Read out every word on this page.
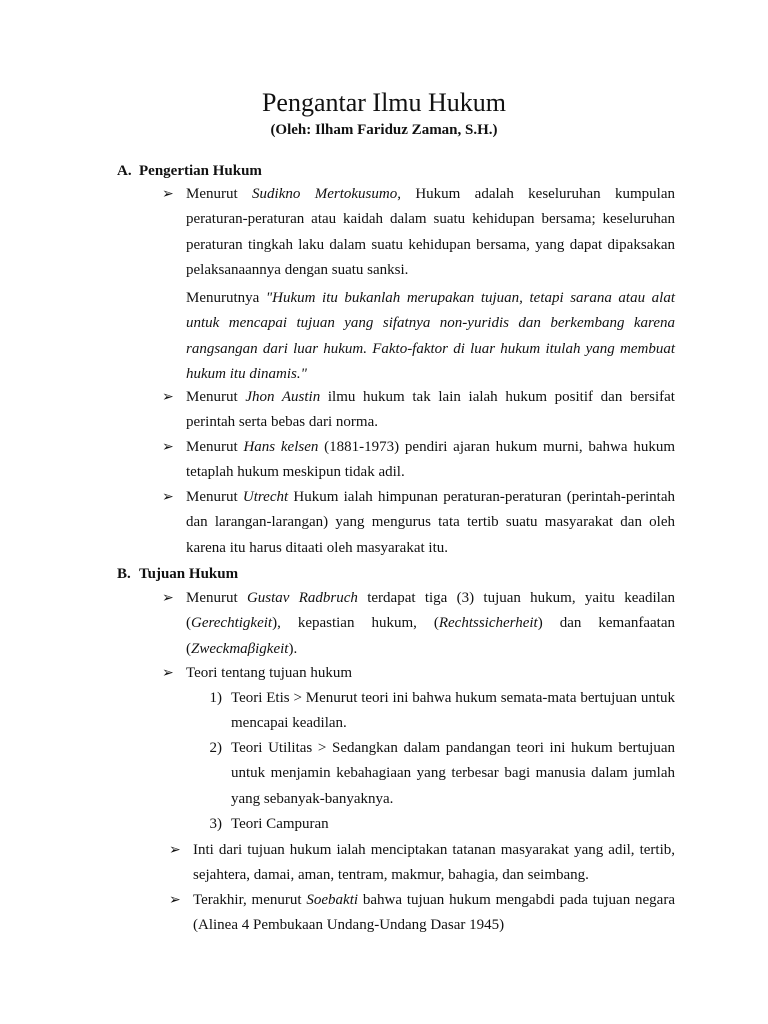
Pengantar Ilmu Hukum
(Oleh: Ilham Fariduz Zaman, S.H.)
A. Pengertian Hukum
➢ Menurut Sudikno Mertokusumo, Hukum adalah keseluruhan kumpulan peraturan-peraturan atau kaidah dalam suatu kehidupan bersama; keseluruhan peraturan tingkah laku dalam suatu kehidupan bersama, yang dapat dipaksakan pelaksanaannya dengan suatu sanksi.

Menurutnya "Hukum itu bukanlah merupakan tujuan, tetapi sarana atau alat untuk mencapai tujuan yang sifatnya non-yuridis dan berkembang karena rangsangan dari luar hukum. Fakto-faktor di luar hukum itulah yang membuat hukum itu dinamis."

➢ Menurut Jhon Austin ilmu hukum tak lain ialah hukum positif dan bersifat perintah serta bebas dari norma.

➢ Menurut Hans kelsen (1881-1973) pendiri ajaran hukum murni, bahwa hukum tetaplah hukum meskipun tidak adil.

➢ Menurut Utrecht Hukum ialah himpunan peraturan-peraturan (perintah-perintah dan larangan-larangan) yang mengurus tata tertib suatu masyarakat dan oleh karena itu harus ditaati oleh masyarakat itu.

B. Tujuan Hukum
➢ Menurut Gustav Radbruch terdapat tiga (3) tujuan hukum, yaitu keadilan (Gerechtigkeit), kepastian hukum, (Rechtssicherheit) dan kemanfaatan (Zweckmaβigkeit).

➢ Teori tentang tujuan hukum

1) Teori Etis > Menurut teori ini bahwa hukum semata-mata bertujuan untuk mencapai keadilan.

2) Teori Utilitas > Sedangkan dalam pandangan teori ini hukum bertujuan untuk menjamin kebahagiaan yang terbesar bagi manusia dalam jumlah yang sebanyak-banyaknya.

3) Teori Campuran

➢ Inti dari tujuan hukum ialah menciptakan tatanan masyarakat yang adil, tertib, sejahtera, damai, aman, tentram, makmur, bahagia, dan seimbang.

➢ Terakhir, menurut Soebakti bahwa tujuan hukum mengabdi pada tujuan negara (Alinea 4 Pembukaan Undang-Undang Dasar 1945)
